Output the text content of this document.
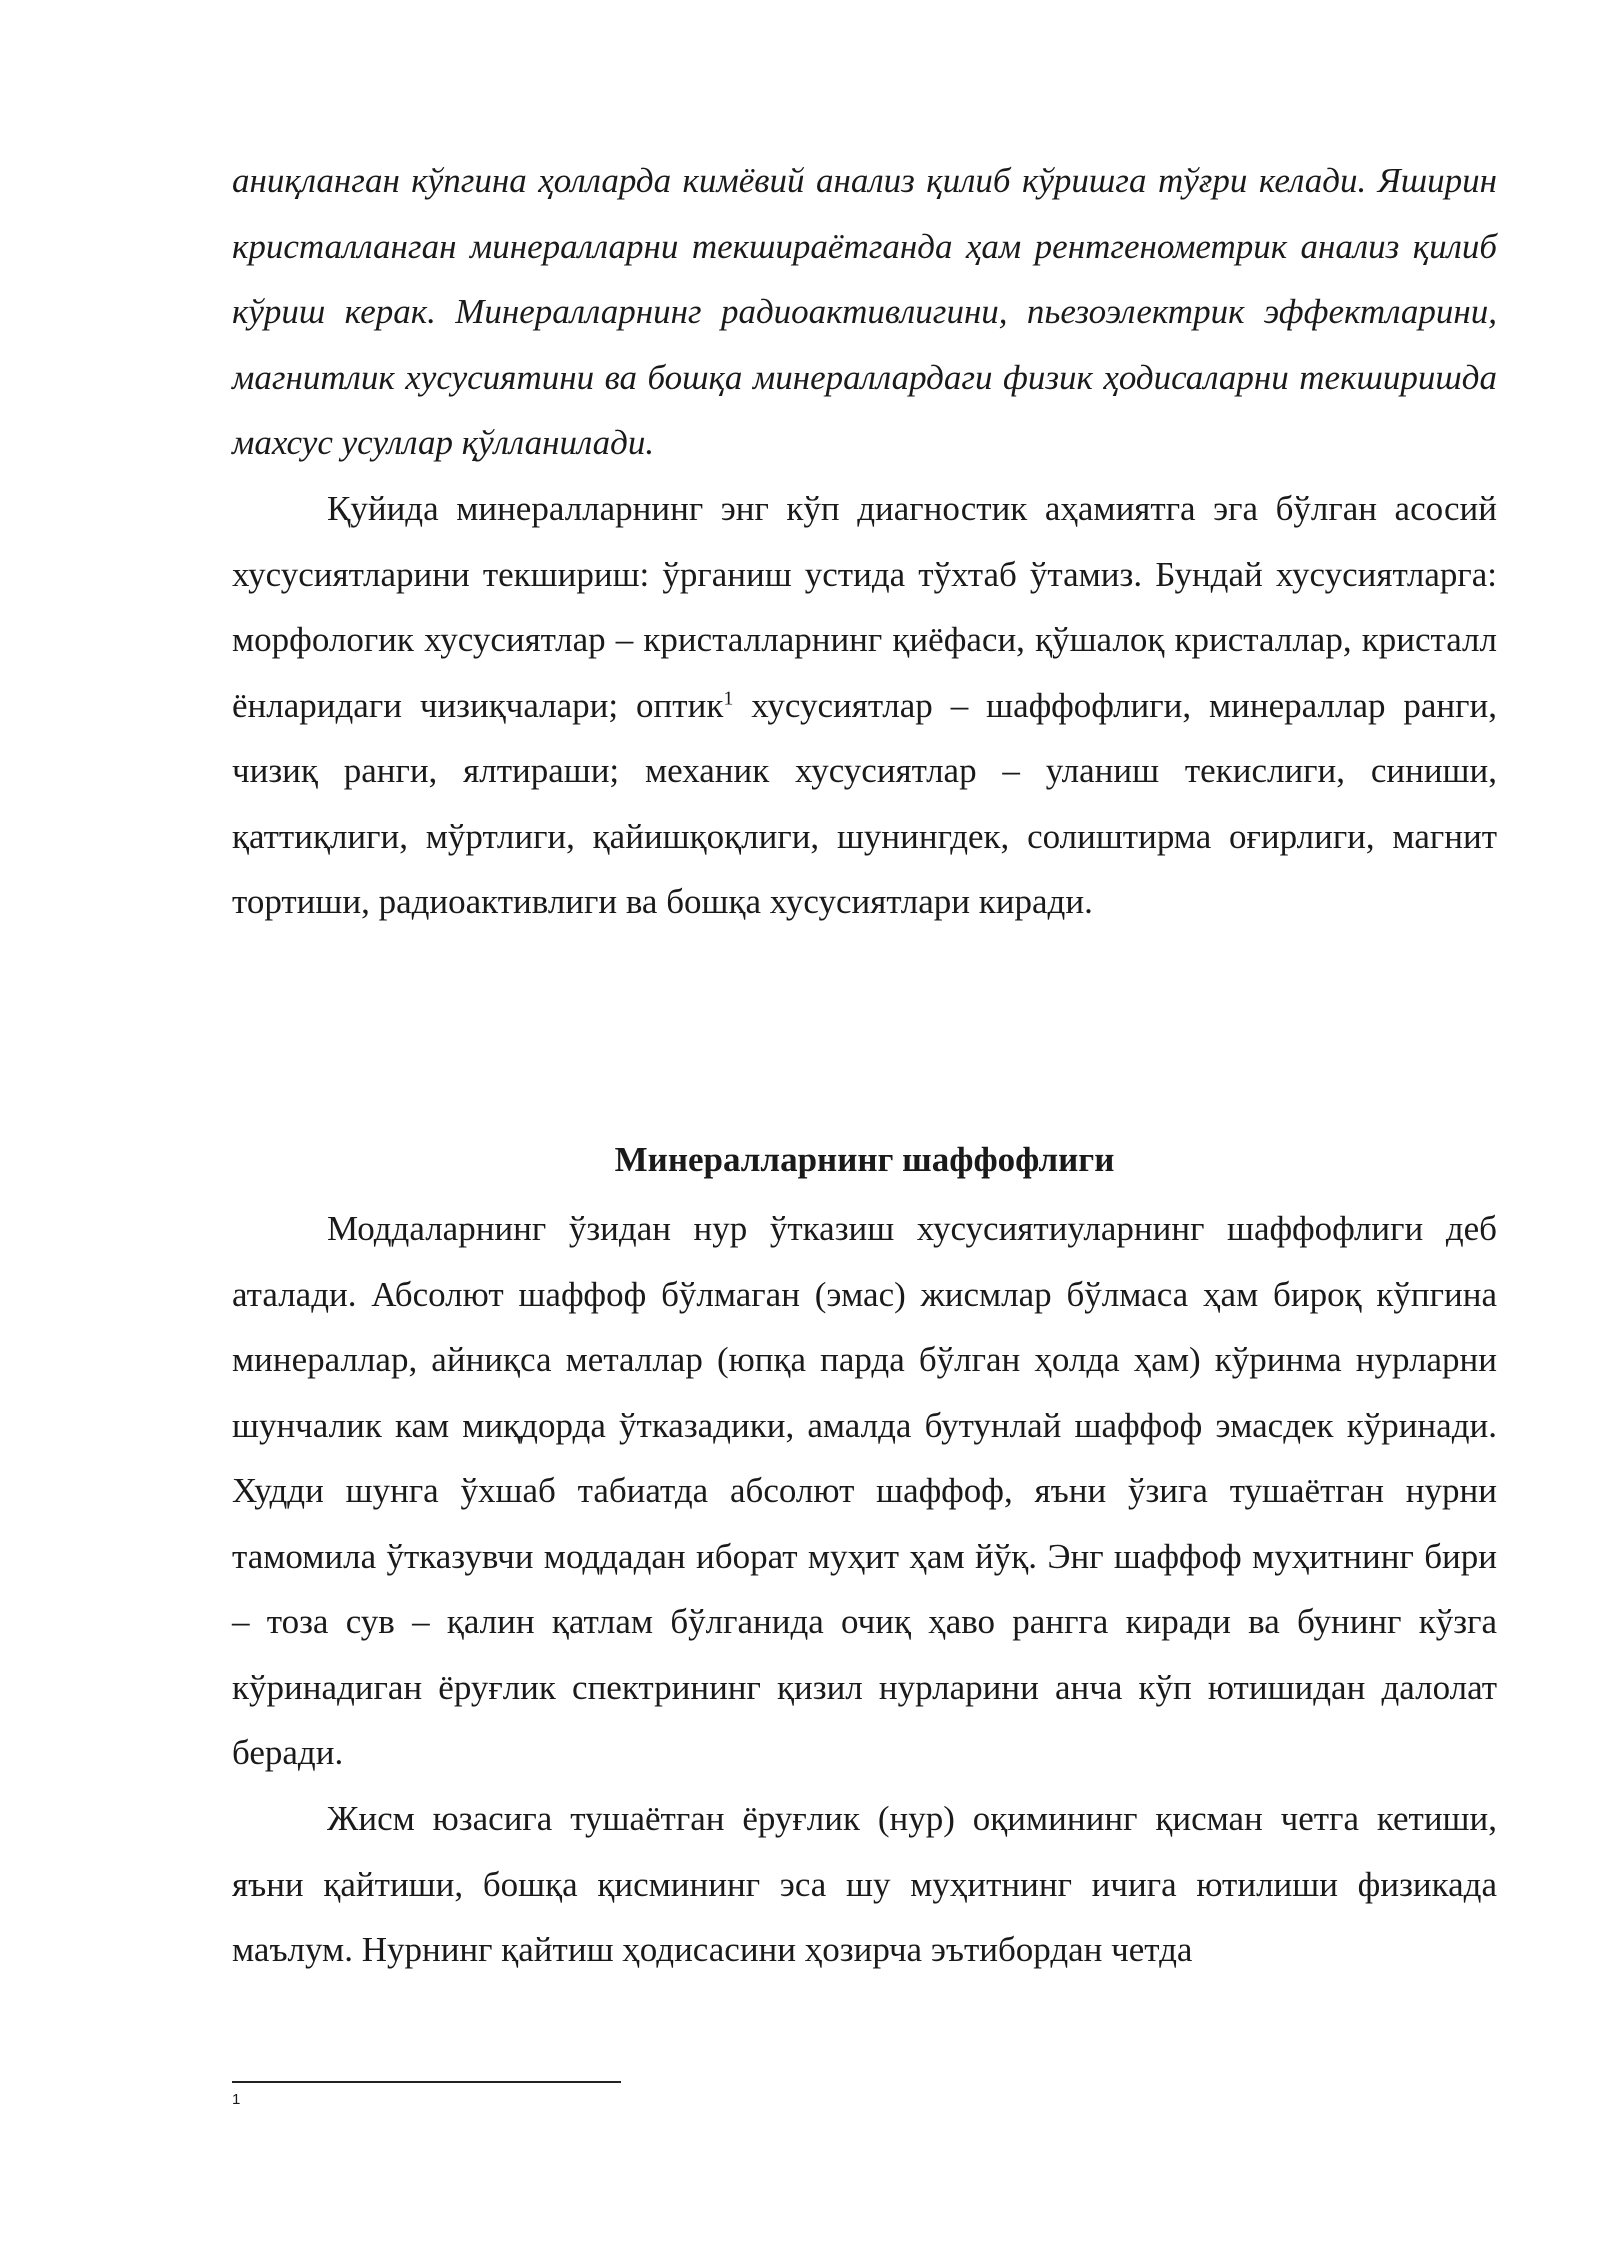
аниқланган кўпгина ҳолларда кимёвий анализ қилиб кўришга тўғри келади. Яширин кристалланган минералларни текшираётганда ҳам рентгенометрик анализ қилиб кўриш керак. Минералларнинг радиоактивлигини, пьезоэлектрик эффектларини, магнитлик хусусиятини ва бошқа минераллардаги физик ҳодисаларни текширишда махсус усуллар қўлланилади.

Қуйида минералларнинг энг кўп диагностик аҳамиятга эга бўлган асосий хусусиятларини текшириш: ўрганиш устида тўхтаб ўтамиз. Бундай хусусиятларга: морфологик хусусиятлар – кристалларнинг қиёфаси, қўшалоқ кристаллар, кристалл ёнларидаги чизиқчалари; оптик$^1$ хусусиятлар – шаффофлиги, минераллар ранги, чизиқ ранги, ялтираши; механик хусусиятлар – уланиш текислиги, синиши, қаттиқлиги, мўртлиги, қайишқоқлиги, шунингдек, солиштирма оғирлиги, магнит тортиши, радиоактивлиги ва бошқа хусусиятлари киради.

Минералларнинг шаффофлиги

Моддаларнинг ўзидан нур ўтказиш хусусиятиуларнинг шаффофлиги деб аталади. Абсолют шаффоф бўлмаган (эмас) жисмлар бўлмаса ҳам бироқ кўпгина минераллар, айниқса металлар (юпқа парда бўлган ҳолда ҳам) кўринма нурларни шунчалик кам миқдорда ўтказадики, амалда бутунлай шаффоф эмасдек кўринади. Худди шунга ўхшаб табиатда абсолют шаффоф, яъни ўзига тушаётган нурни тамомила ўтказувчи моддадан иборат муҳит ҳам йўқ. Энг шаффоф муҳитнинг бири – тоза сув – қалин қатлам бўлганида очиқ ҳаво рангга киради ва бунинг кўзга кўринадиган ёруғлик спектрининг қизил нурларини анча кўп ютишидан далолат беради.

Жисм юзасига тушаётган ёруғлик (нур) оқимининг қисман четга кетиши, яъни қайтиши, бошқа қисмининг эса шу муҳитнинг ичига ютилиши физикада маълум. Нурнинг қайтиш ҳодисасини ҳозирча эътибордан четда

1
